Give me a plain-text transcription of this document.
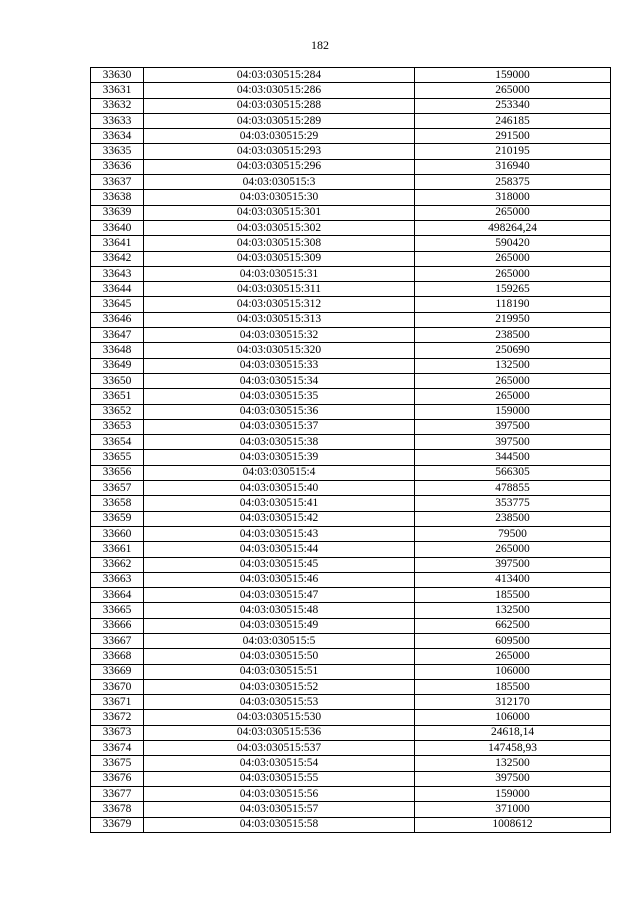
182
33630	04:03:030515:284	159000
33631	04:03:030515:286	265000
33632	04:03:030515:288	253340
33633	04:03:030515:289	246185
33634	04:03:030515:29	291500
33635	04:03:030515:293	210195
33636	04:03:030515:296	316940
33637	04:03:030515:3	258375
33638	04:03:030515:30	318000
33639	04:03:030515:301	265000
33640	04:03:030515:302	498264,24
33641	04:03:030515:308	590420
33642	04:03:030515:309	265000
33643	04:03:030515:31	265000
33644	04:03:030515:311	159265
33645	04:03:030515:312	118190
33646	04:03:030515:313	219950
33647	04:03:030515:32	238500
33648	04:03:030515:320	250690
33649	04:03:030515:33	132500
33650	04:03:030515:34	265000
33651	04:03:030515:35	265000
33652	04:03:030515:36	159000
33653	04:03:030515:37	397500
33654	04:03:030515:38	397500
33655	04:03:030515:39	344500
33656	04:03:030515:4	566305
33657	04:03:030515:40	478855
33658	04:03:030515:41	353775
33659	04:03:030515:42	238500
33660	04:03:030515:43	79500
33661	04:03:030515:44	265000
33662	04:03:030515:45	397500
33663	04:03:030515:46	413400
33664	04:03:030515:47	185500
33665	04:03:030515:48	132500
33666	04:03:030515:49	662500
33667	04:03:030515:5	609500
33668	04:03:030515:50	265000
33669	04:03:030515:51	106000
33670	04:03:030515:52	185500
33671	04:03:030515:53	312170
33672	04:03:030515:530	106000
33673	04:03:030515:536	24618,14
33674	04:03:030515:537	147458,93
33675	04:03:030515:54	132500
33676	04:03:030515:55	397500
33677	04:03:030515:56	159000
33678	04:03:030515:57	371000
33679	04:03:030515:58	1008612
